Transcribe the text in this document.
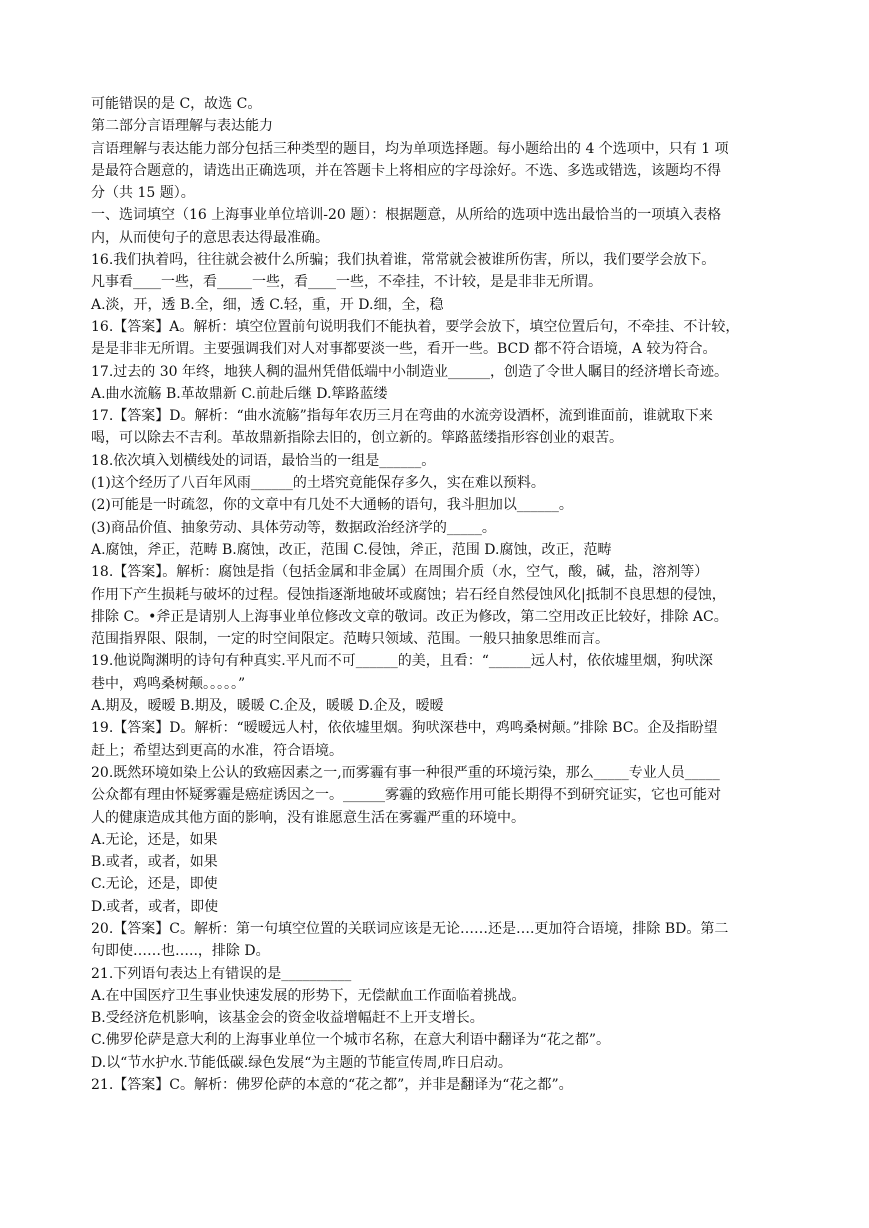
可能错误的是 C，故选 C。
第二部分言语理解与表达能力
言语理解与表达能力部分包括三种类型的题目，均为单项选择题。每小题给出的 4 个选项中，只有 1 项
是最符合题意的，请选出正确选项，并在答题卡上将相应的字母涂好。不选、多选或错选，该题均不得
分（共 15 题）。
一、选词填空（16 上海事业单位培训-20 题）：根据题意，从所给的选项中选出最恰当的一项填入表格
内，从而使句子的意思表达得最准确。
16.我们执着吗，往往就会被什么所骗；我们执着谁，常常就会被谁所伤害，所以，我们要学会放下。
凡事看____一些，看_____一些，看____一些，不牵挂，不计较，是是非非无所谓。
A.淡，开，透 B.全，细，透 C.轻，重，开 D.细，全，稳
16.【答案】A。解析：填空位置前句说明我们不能执着，要学会放下，填空位置后句，不牵挂、不计较，
是是非非无所谓。主要强调我们对人对事都要淡一些，看开一些。BCD 都不符合语境，A 较为符合。
17.过去的 30 年终，地狭人稠的温州凭借低端中小制造业______，创造了令世人瞩目的经济增长奇迹。
A.曲水流觞 B.革故鼎新 C.前赴后继 D.筚路蓝缕
17.【答案】D。解析：“曲水流觞”指每年农历三月在弯曲的水流旁设酒杯，流到谁面前，谁就取下来
喝，可以除去不吉利。革故鼎新指除去旧的，创立新的。筚路蓝缕指形容创业的艰苦。
18.依次填入划横线处的词语，最恰当的一组是______。
(1)这个经历了八百年风雨______的土塔究竟能保存多久，实在难以预料。
(2)可能是一时疏忽，你的文章中有几处不大通畅的语句，我斗胆加以______。
(3)商品价值、抽象劳动、具体劳动等，数据政治经济学的_____。
A.腐蚀，斧正，范畴 B.腐蚀，改正，范围 C.侵蚀，斧正，范围 D.腐蚀，改正，范畴
18.【答案】。解析：腐蚀是指（包括金属和非金属）在周围介质（水，空气，酸，碱，盐，溶剂等）
作用下产生损耗与破坏的过程。侵蚀指逐渐地破坏或腐蚀；岩石经自然侵蚀风化|抵制不良思想的侵蚀，
排除 C。•斧正是请别人上海事业单位修改文章的敬词。改正为修改，第二空用改正比较好，排除 AC。
范围指界限、限制，一定的时空间限定。范畴只领域、范围。一般只抽象思维而言。
19.他说陶渊明的诗句有种真实.平凡而不可______的美，且看：“______远人村，依依墟里烟，狗吠深
巷中，鸡鸣桑树颠。。。。。”
A.期及，暧暧 B.期及，暖暖 C.企及，暖暖 D.企及，暧暧
19.【答案】D。解析：“暧暧远人村，依依墟里烟。狗吠深巷中，鸡鸣桑树颠。”排除 BC。企及指盼望
赶上；希望达到更高的水准，符合语境。
20.既然环境如染上公认的致癌因素之一,而雾霾有事一种很严重的环境污染，那么_____专业人员_____
公众都有理由怀疑雾霾是癌症诱因之一。______雾霾的致癌作用可能长期得不到研究证实，它也可能对
人的健康造成其他方面的影响，没有谁愿意生活在雾霾严重的环境中。
A.无论，还是，如果
B.或者，或者，如果
C.无论，还是，即使
D.或者，或者，即使
20.【答案】C。解析：第一句填空位置的关联词应该是无论……还是….更加符合语境，排除 BD。第二
句即使……也…..，排除 D。
21.下列语句表达上有错误的是__________
A.在中国医疗卫生事业快速发展的形势下，无偿献血工作面临着挑战。
B.受经济危机影响，该基金会的资金收益增幅赶不上开支增长。
C.佛罗伦萨是意大利的上海事业单位一个城市名称，在意大利语中翻译为“花之都”。
D.以“节水护水.节能低碳.绿色发展“为主题的节能宣传周,昨日启动。
21.【答案】C。解析：佛罗伦萨的本意的“花之都”，并非是翻译为“花之都”。
